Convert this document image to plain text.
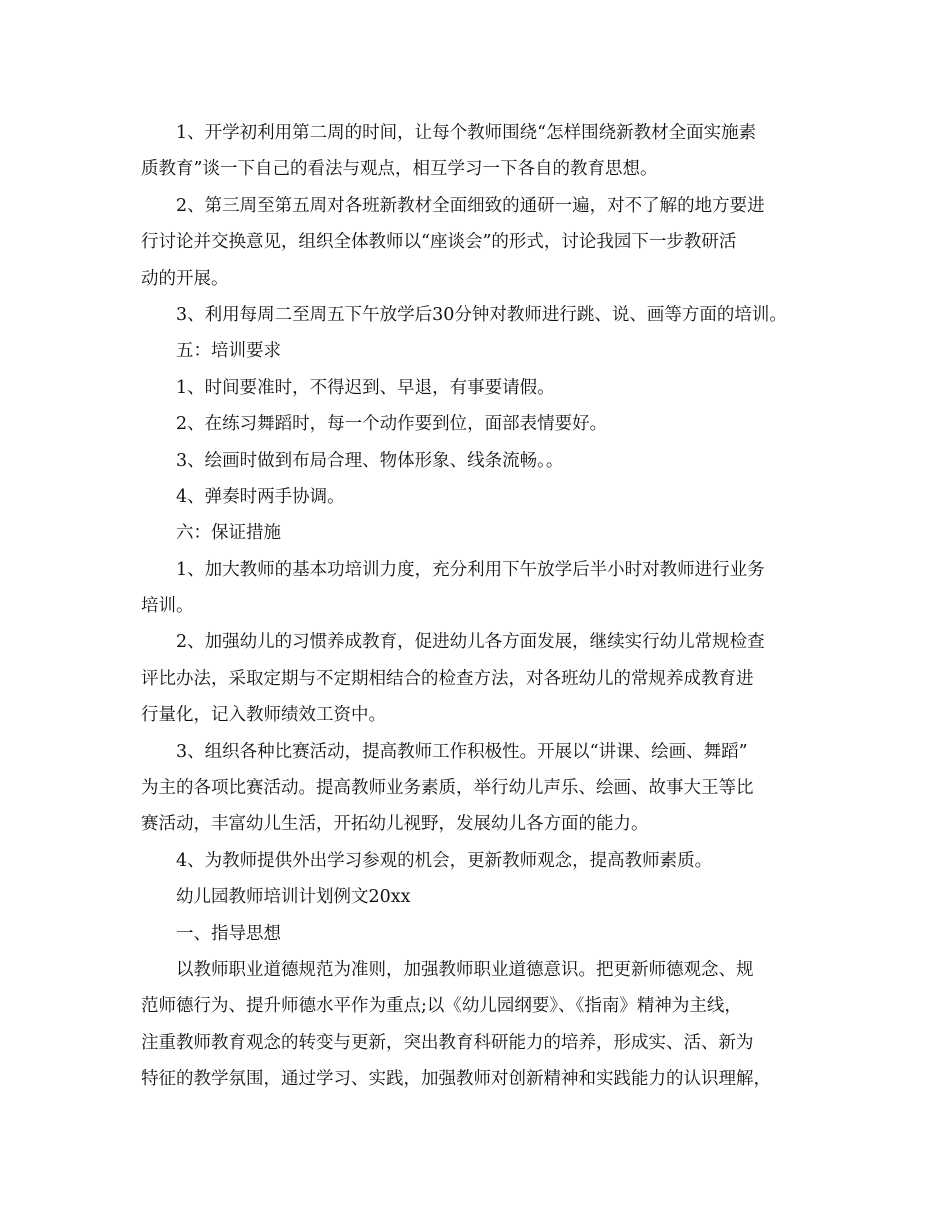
1、开学初利用第二周的时间，让每个教师围绕“怎样围绕新教材全面实施素
质教育”谈一下自己的看法与观点，相互学习一下各自的教育思想。
2、第三周至第五周对各班新教材全面细致的通研一遍，对不了解的地方要进
行讨论并交换意见，组织全体教师以“座谈会”的形式，讨论我园下一步教研活
动的开展。
3、利用每周二至周五下午放学后30分钟对教师进行跳、说、画等方面的培训。
五：培训要求
1、时间要准时，不得迟到、早退，有事要请假。
2、在练习舞蹈时，每一个动作要到位，面部表情要好。
3、绘画时做到布局合理、物体形象、线条流畅。。
4、弹奏时两手协调。
六：保证措施
1、加大教师的基本功培训力度，充分利用下午放学后半小时对教师进行业务
培训。
2、加强幼儿的习惯养成教育，促进幼儿各方面发展，继续实行幼儿常规检查
评比办法，采取定期与不定期相结合的检查方法，对各班幼儿的常规养成教育进
行量化，记入教师绩效工资中。
3、组织各种比赛活动，提高教师工作积极性。开展以“讲课、绘画、舞蹈”
为主的各项比赛活动。提高教师业务素质，举行幼儿声乐、绘画、故事大王等比
赛活动，丰富幼儿生活，开拓幼儿视野，发展幼儿各方面的能力。
4、为教师提供外出学习参观的机会，更新教师观念，提高教师素质。
幼儿园教师培训计划例文20xx
一、指导思想
以教师职业道德规范为准则，加强教师职业道德意识。把更新师德观念、规
范师德行为、提升师德水平作为重点;以《幼儿园纲要》、《指南》精神为主线，
注重教师教育观念的转变与更新，突出教育科研能力的培养，形成实、活、新为
特征的教学氛围，通过学习、实践，加强教师对创新精神和实践能力的认识理解，
